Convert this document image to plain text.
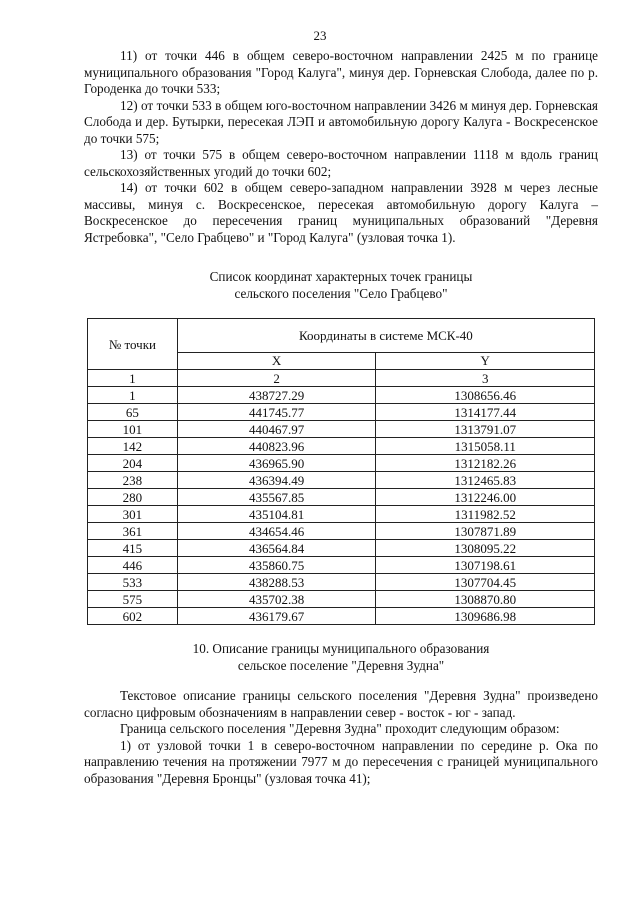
23

11) от точки 446 в общем северо-восточном направлении 2425 м по границе муниципального образования "Город Калуга", минуя дер. Горневская Слобода, далее по р. Городенка до точки 533;

12) от точки 533 в общем юго-восточном направлении 3426 м минуя дер. Горневская Слобода и дер. Бутырки, пересекая ЛЭП и автомобильную дорогу Калуга - Воскресенское до точки 575;

13) от точки 575 в общем северо-восточном направлении 1118 м вдоль границ сельскохозяйственных угодий до точки 602;

14) от точки 602 в общем северо-западном направлении 3928 м через лесные массивы, минуя с. Воскресенское, пересекая автомобильную дорогу Калуга – Воскресенское до пересечения границ муниципальных образований "Деревня Ястребовка", "Село Грабцево" и "Город Калуга" (узловая точка 1).

Список координат характерных точек границы
сельского поселения "Село Грабцево"
№ точки	Координаты в системе МСК-40	
	X	Y
1	2	3
1	438727.29	1308656.46
65	441745.77	1314177.44
101	440467.97	1313791.07
142	440823.96	1315058.11
204	436965.90	1312182.26
238	436394.49	1312465.83
280	435567.85	1312246.00
301	435104.81	1311982.52
361	434654.46	1307871.89
415	436564.84	1308095.22
446	435860.75	1307198.61
533	438288.53	1307704.45
575	435702.38	1308870.80
602	436179.67	1309686.98
10. Описание границы муниципального образования
сельское поселение "Деревня Зудна"

Текстовое описание границы сельского поселения "Деревня Зудна" произведено согласно цифровым обозначениям в направлении север - восток - юг - запад.

Граница сельского поселения "Деревня Зудна" проходит следующим образом:

1) от узловой точки 1 в северо-восточном направлении по середине р. Ока по направлению течения на протяжении 7977 м до пересечения с границей муниципального образования "Деревня Бронцы" (узловая точка 41);
